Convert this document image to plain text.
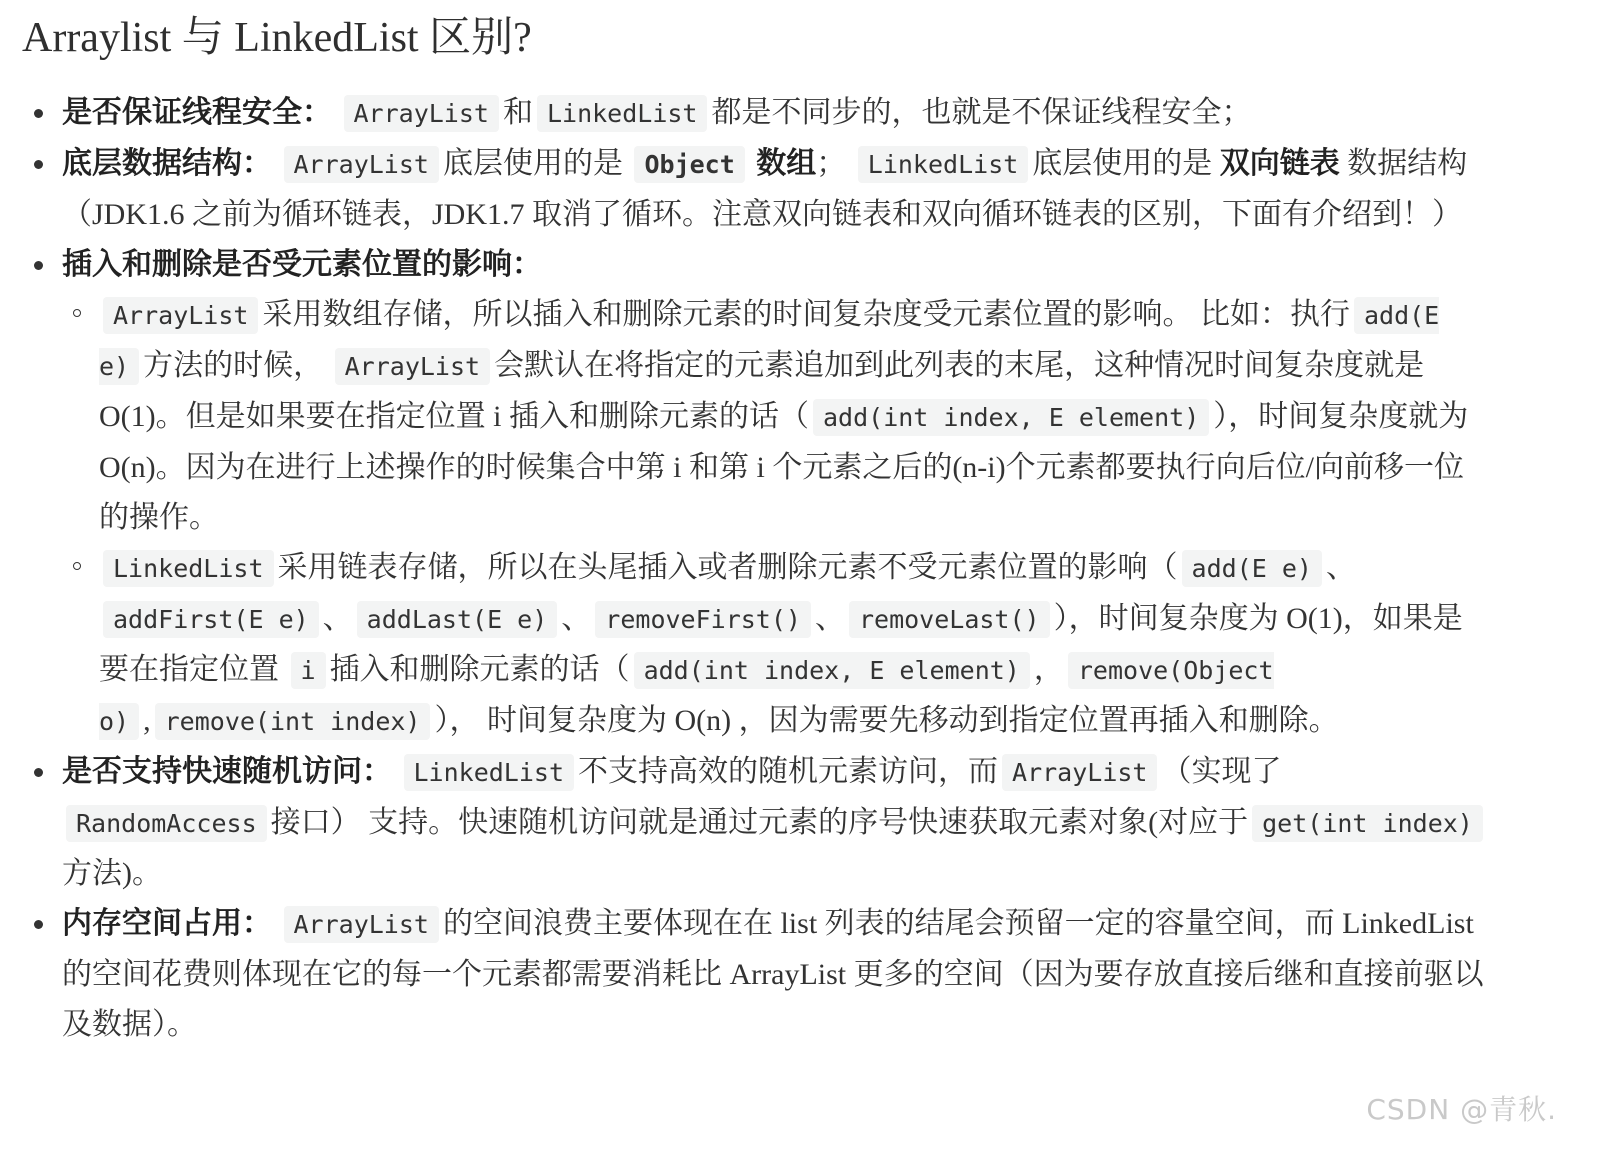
Arraylist 与 LinkedList 区别?
是否保证线程安全： ArrayList 和 LinkedList 都是不同步的，也就是不保证线程安全；
底层数据结构： ArrayList 底层使用的是 Object 数组； LinkedList 底层使用的是 双向链表 数据结构（JDK1.6 之前为循环链表，JDK1.7 取消了循环。注意双向链表和双向循环链表的区别，下面有介绍到！）
插入和删除是否受元素位置的影响：
ArrayList 采用数组存储，所以插入和删除元素的时间复杂度受元素位置的影响。 比如：执行 add(E e) 方法的时候， ArrayList 会默认在将指定的元素追加到此列表的末尾，这种情况时间复杂度就是 O(1)。但是如果要在指定位置 i 插入和删除元素的话（ add(int index, E element) ），时间复杂度就为 O(n)。因为在进行上述操作的时候集合中第 i 和第 i 个元素之后的(n-i)个元素都要执行向后位/向前移一位的操作。
LinkedList 采用链表存储，所以在头尾插入或者删除元素不受元素位置的影响（ add(E e) 、addFirst(E e) 、 addLast(E e) 、 removeFirst() 、 removeLast() ），时间复杂度为 O(1)，如果是要在指定位置 i 插入和删除元素的话（ add(int index, E element) ， remove(Object o) , remove(int index) ）， 时间复杂度为 O(n) ，因为需要先移动到指定位置再插入和删除。
是否支持快速随机访问： LinkedList 不支持高效的随机元素访问，而 ArrayList （实现了 RandomAccess 接口） 支持。快速随机访问就是通过元素的序号快速获取元素对象(对应于 get(int index)方法)。
内存空间占用： ArrayList 的空间浪费主要体现在在 list 列表的结尾会预留一定的容量空间，而 LinkedList 的空间花费则体现在它的每一个元素都需要消耗比 ArrayList 更多的空间（因为要存放直接后继和直接前驱以及数据）。
CSDN @青秋.
